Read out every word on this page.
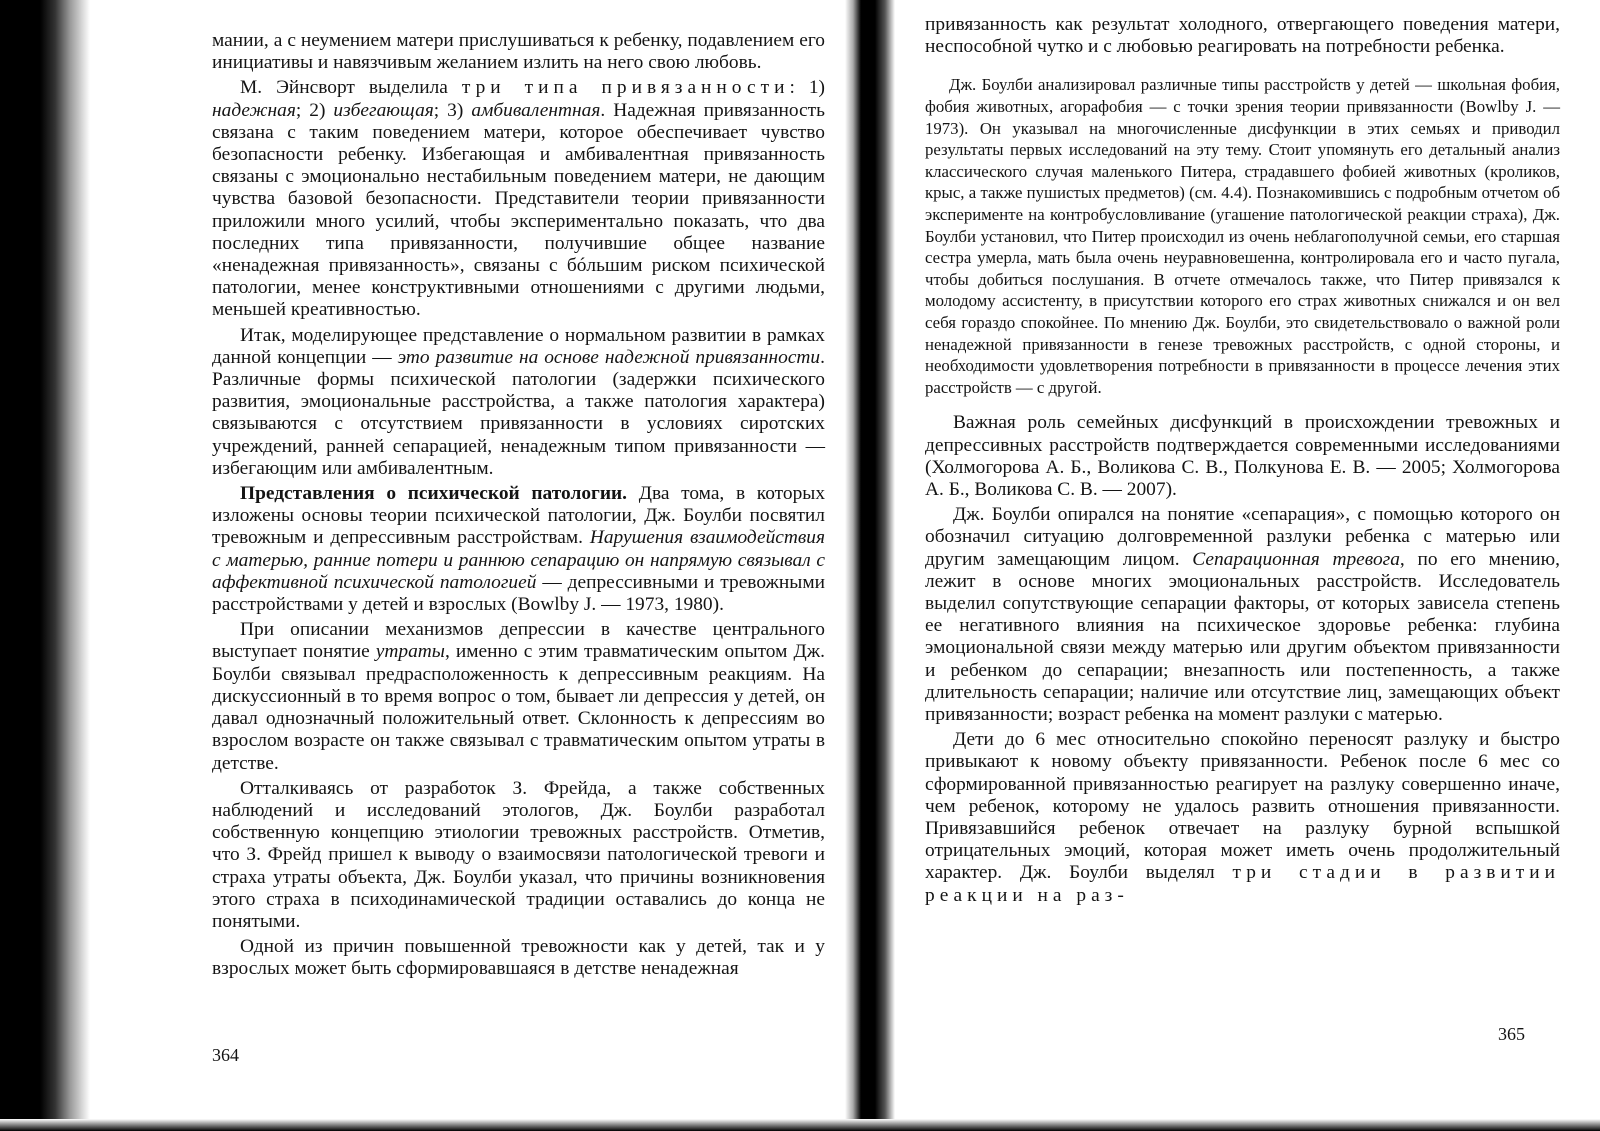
мании, а с неумением матери прислушиваться к ребенку, подавлением его инициативы и навязчивым желанием излить на него свою любовь.

М. Эйнсворт выделила три типа привязанности: 1) надежная; 2) избегающая; 3) амбивалентная. Надежная привязанность связана с таким поведением матери, которое обеспечивает чувство безопасности ребенку. Избегающая и амбивалентная привязанность связаны с эмоционально нестабильным поведением матери, не дающим чувства базовой безопасности. Представители теории привязанности приложили много усилий, чтобы экспериментально показать, что два последних типа привязанности, получившие общее название «ненадежная привязанность», связаны с бóльшим риском психической патологии, менее конструктивными отношениями с другими людьми, меньшей креативностью.

Итак, моделирующее представление о нормальном развитии в рамках данной концепции — это развитие на основе надежной привязанности. Различные формы психической патологии (задержки психического развития, эмоциональные расстройства, а также патология характера) связываются с отсутствием привязанности в условиях сиротских учреждений, ранней сепарацией, ненадежным типом привязанности — избегающим или амбивалентным.

Представления о психической патологии. Два тома, в которых изложены основы теории психической патологии, Дж. Боулби посвятил тревожным и депрессивным расстройствам. Нарушения взаимодействия с матерью, ранние потери и раннюю сепарацию он напрямую связывал с аффективной психической патологией — депрессивными и тревожными расстройствами у детей и взрослых (Bowlby J. — 1973, 1980).

При описании механизмов депрессии в качестве центрального выступает понятие утраты, именно с этим травматическим опытом Дж. Боулби связывал предрасположенность к депрессивным реакциям. На дискуссионный в то время вопрос о том, бывает ли депрессия у детей, он давал однозначный положительный ответ. Склонность к депрессиям во взрослом возрасте он также связывал с травматическим опытом утраты в детстве.

Отталкиваясь от разработок З. Фрейда, а также собственных наблюдений и исследований этологов, Дж. Боулби разработал собственную концепцию этиологии тревожных расстройств. Отметив, что З. Фрейд пришел к выводу о взаимосвязи патологической тревоги и страха утраты объекта, Дж. Боулби указал, что причины возникновения этого страха в психодинамической традиции оставались до конца не понятыми.

Одной из причин повышенной тревожности как у детей, так и у взрослых может быть сформировавшаяся в детстве ненадежная

364

привязанность как результат холодного, отвергающего поведения матери, неспособной чутко и с любовью реагировать на потребности ребенка.

Дж. Боулби анализировал различные типы расстройств у детей — школьная фобия, фобия животных, агорафобия — с точки зрения теории привязанности (Bowlby J. — 1973). Он указывал на многочисленные дисфункции в этих семьях и приводил результаты первых исследований на эту тему. Стоит упомянуть его детальный анализ классического случая маленького Питера, страдавшего фобией животных (кроликов, крыс, а также пушистых предметов) (см. 4.4). Познакомившись с подробным отчетом об эксперименте на контробусловливание (угашение патологической реакции страха), Дж. Боулби установил, что Питер происходил из очень неблагополучной семьи, его старшая сестра умерла, мать была очень неуравновешенна, контролировала его и часто пугала, чтобы добиться послушания. В отчете отмечалось также, что Питер привязался к молодому ассистенту, в присутствии которого его страх животных снижался и он вел себя гораздо спокойнее. По мнению Дж. Боулби, это свидетельствовало о важной роли ненадежной привязанности в генезе тревожных расстройств, с одной стороны, и необходимости удовлетворения потребности в привязанности в процессе лечения этих расстройств — с другой.

Важная роль семейных дисфункций в происхождении тревожных и депрессивных расстройств подтверждается современными исследованиями (Холмогорова А. Б., Воликова С. В., Полкунова Е. В. — 2005; Холмогорова А. Б., Воликова С. В. — 2007).

Дж. Боулби опирался на понятие «сепарация», с помощью которого он обозначил ситуацию долговременной разлуки ребенка с матерью или другим замещающим лицом. Сепарационная тревога, по его мнению, лежит в основе многих эмоциональных расстройств. Исследователь выделил сопутствующие сепарации факторы, от которых зависела степень ее негативного влияния на психическое здоровье ребенка: глубина эмоциональной связи между матерью или другим объектом привязанности и ребенком до сепарации; внезапность или постепенность, а также длительность сепарации; наличие или отсутствие лиц, замещающих объект привязанности; возраст ребенка на момент разлуки с матерью.

Дети до 6 мес относительно спокойно переносят разлуку и быстро привыкают к новому объекту привязанности. Ребенок после 6 мес со сформированной привязанностью реагирует на разлуку совершенно иначе, чем ребенок, которому не удалось развить отношения привязанности. Привязавшийся ребенок отвечает на разлуку бурной вспышкой отрицательных эмоций, которая может иметь очень продолжительный характер. Дж. Боулби выделял три стадии в развитии реакции на раз-

365
